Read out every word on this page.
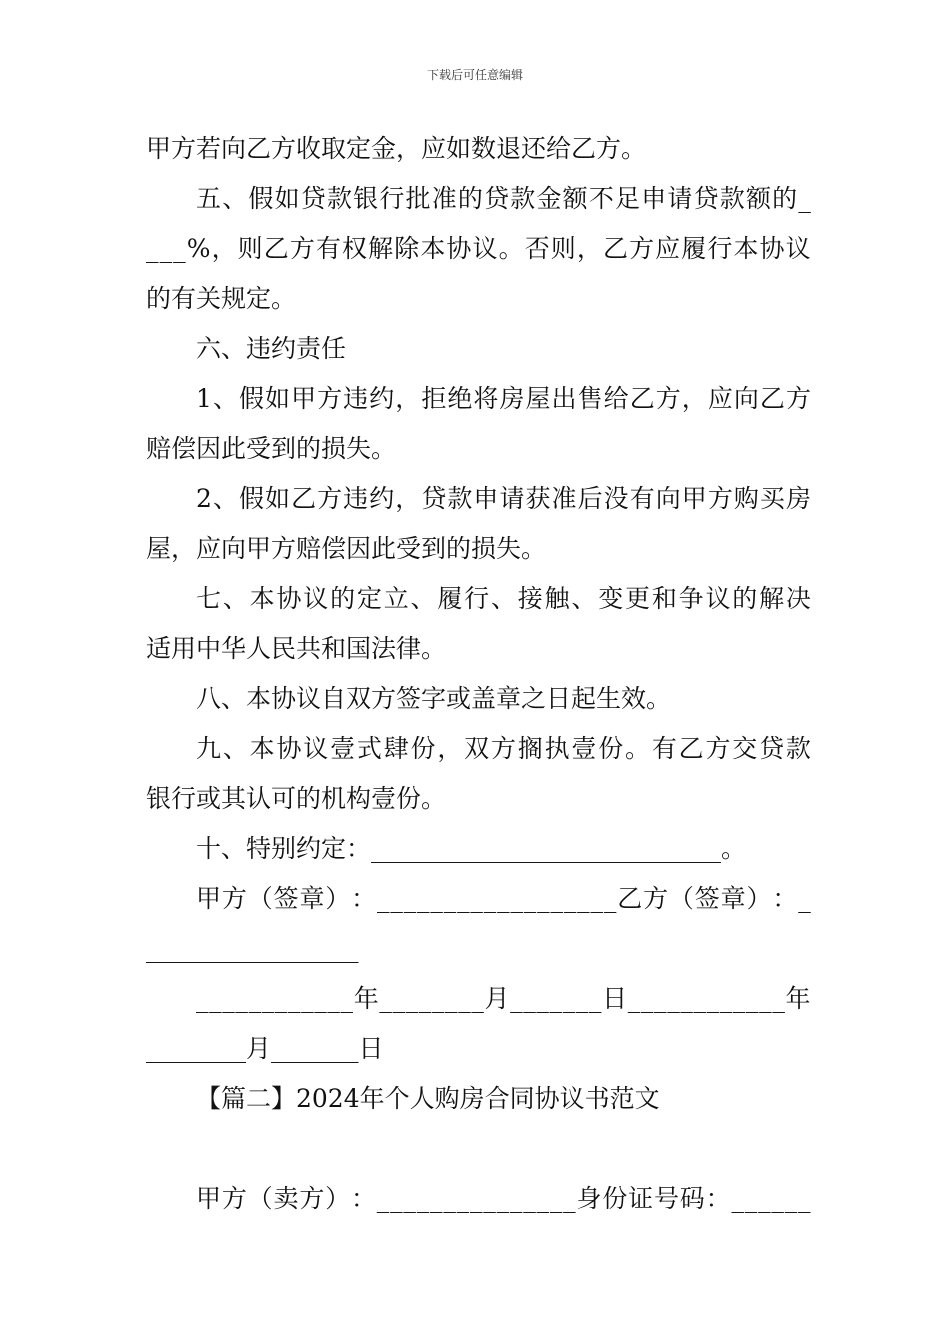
下载后可任意编辑
甲方若向乙方收取定金，应如数退还给乙方。
五 、 假 如 贷 款 银 行 批 准 的 贷 款 金 额 不 足 申 请 贷 款 额 的 _
_ _ _ % ， 则 乙 方 有 权 解 除 本 协 议 。 否 则 ， 乙 方 应 履 行 本 协 议
的有关规定。
六、违约责任
1 、 假 如 甲 方 违 约 ， 拒 绝 将 房 屋 出 售 给 乙 方 ， 应 向 乙 方
赔偿因此受到的损失。
2 、 假 如 乙 方 违 约 ， 贷 款 申 请 获 准 后 没 有 向 甲 方 购 买 房
屋，应向甲方赔偿因此受到的损失。
七 、 本 协 议 的 定 立 、 履 行 、 接 触 、 变 更 和 争 议 的 解 决
适用中华人民共和国法律。
八、本协议自双方签字或盖章之日起生效。
九 、 本 协 议 壹 式 肆 份 ， 双 方 搁 执 壹 份 。 有 乙 方 交 贷 款
银行或其认可的机构壹份。
十、特别约定：____________________________。
甲 方 （ 签 章 ） ： _ _ _ _ _ _ _ _ _ _ _ _ _ _ _ _ _ _ 乙 方 （ 签 章 ） ： _
_________________
_ _ _ _ _ _ _ _ _ _ _ _ 年 _ _ _ _ _ _ _ _ 月 _ _ _ _ _ _ _ 日 _ _ _ _ _ _ _ _ _ _ _ _ 年
________月_______日
【篇二】2024年个人购房合同协议书范文
甲 方 （ 卖 方 ） ： _ _ _ _ _ _ _ _ _ _ _ _ _ _ _ 身 份 证 号 码 ： _ _ _ _ _ _
